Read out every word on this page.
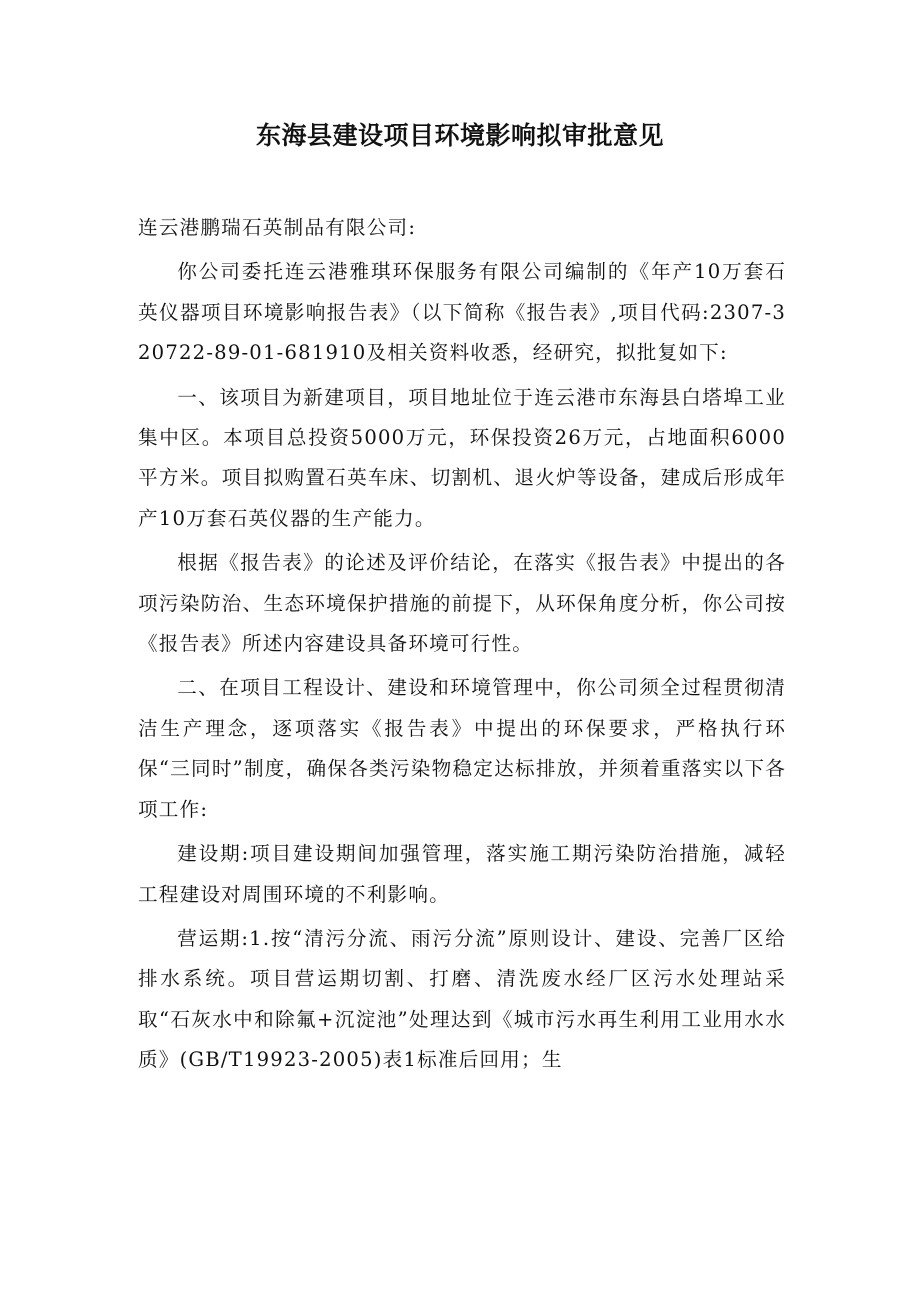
东海县建设项目环境影响拟审批意见

连云港鹏瑞石英制品有限公司:

你公司委托连云港雅琪环保服务有限公司编制的《年产10万套石英仪器项目环境影响报告表》（以下简称《报告表》,项目代码:2307-320722-89-01-681910及相关资料收悉，经研究，拟批复如下:

一、该项目为新建项目，项目地址位于连云港市东海县白塔埠工业集中区。本项目总投资5000万元，环保投资26万元，占地面积6000平方米。项目拟购置石英车床、切割机、退火炉等设备，建成后形成年产10万套石英仪器的生产能力。

根据《报告表》的论述及评价结论，在落实《报告表》中提出的各项污染防治、生态环境保护措施的前提下，从环保角度分析，你公司按《报告表》所述内容建设具备环境可行性。

二、在项目工程设计、建设和环境管理中，你公司须全过程贯彻清洁生产理念，逐项落实《报告表》中提出的环保要求，严格执行环保“三同时”制度，确保各类污染物稳定达标排放，并须着重落实以下各项工作:

建设期:项目建设期间加强管理，落实施工期污染防治措施，减轻工程建设对周围环境的不利影响。

营运期:1.按“清污分流、雨污分流”原则设计、建设、完善厂区给排水系统。项目营运期切割、打磨、清洗废水经厂区污水处理站采取“石灰水中和除氟+沉淀池”处理达到《城市污水再生利用工业用水水质》(GB/T19923-2005)表1标准后回用；生
